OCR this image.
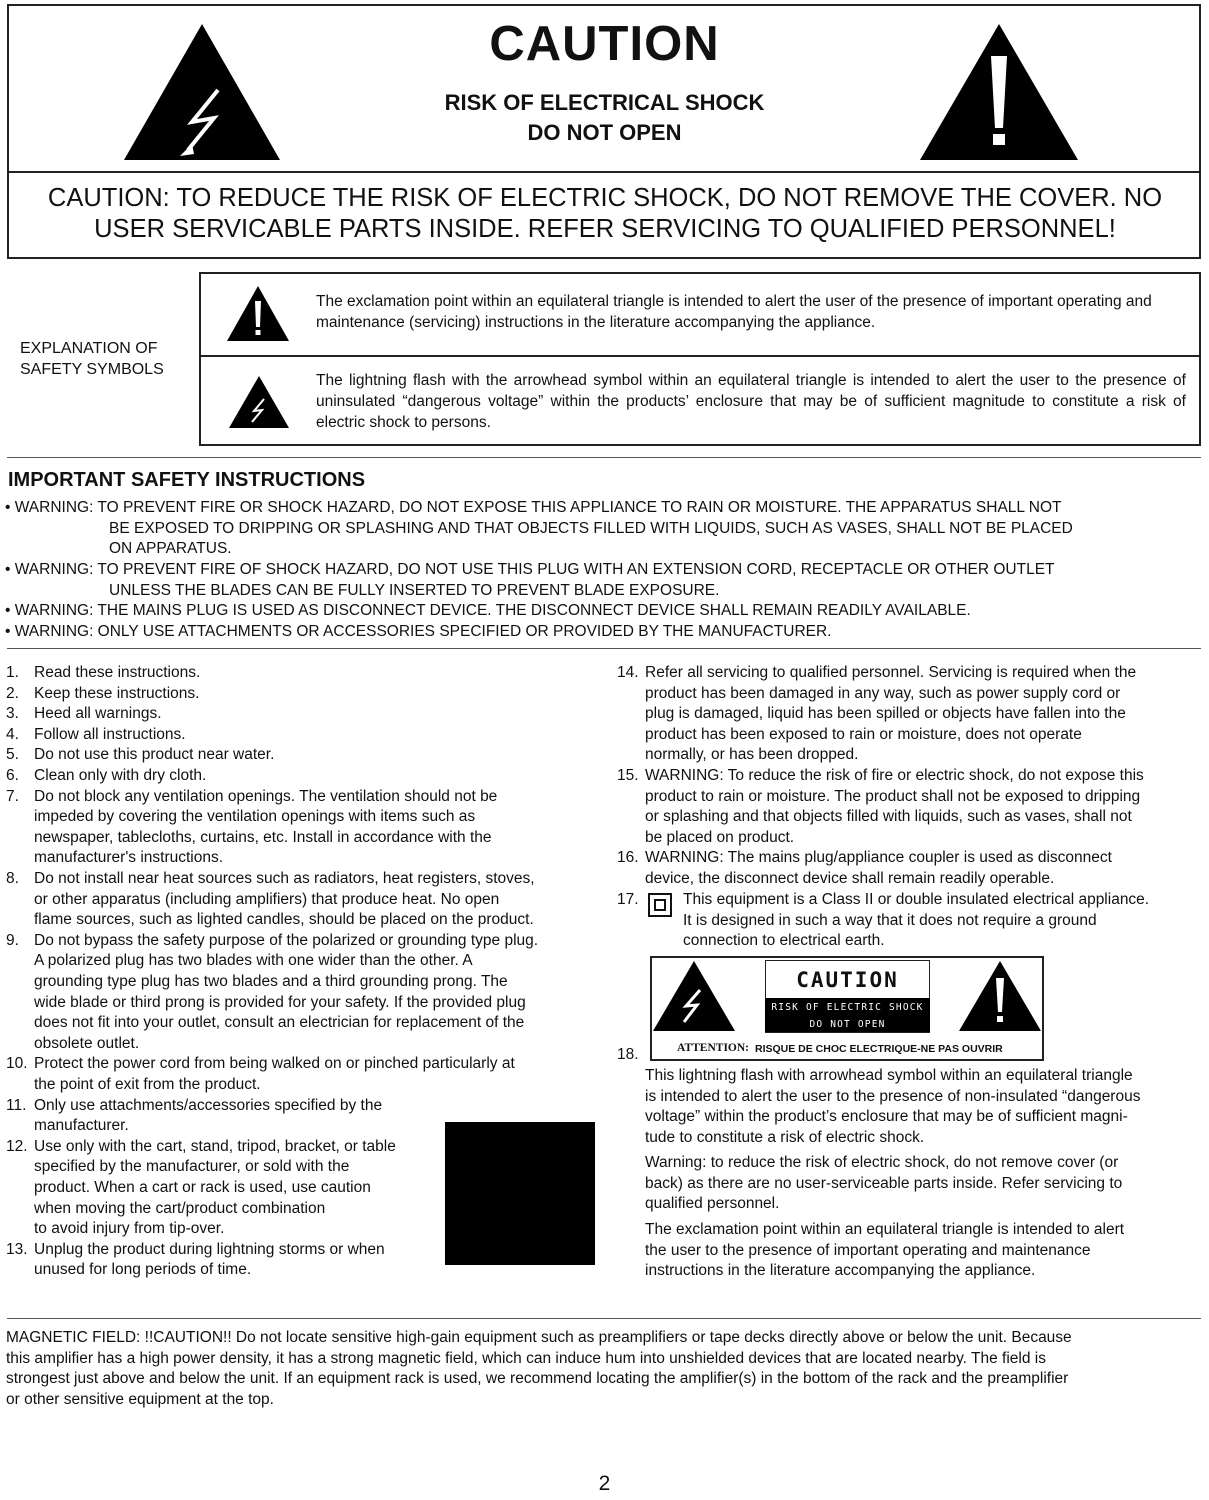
CAUTION
RISK OF ELECTRICAL SHOCK
DO NOT OPEN
CAUTION: TO REDUCE THE RISK OF ELECTRIC SHOCK, DO NOT REMOVE THE COVER. NO
USER SERVICABLE PARTS INSIDE. REFER SERVICING TO QUALIFIED PERSONNEL!
EXPLANATION OF
SAFETY SYMBOLS
The exclamation point within an equilateral triangle is intended to alert the user of the presence of important operating and maintenance (servicing) instructions in the literature accompanying the appliance.
The lightning flash with the arrowhead symbol within an equilateral triangle is intended to alert the user to the presence of uninsulated “dangerous voltage” within the products’ enclosure that may be of sufficient magnitude to constitute a risk of electric shock to persons.
IMPORTANT SAFETY INSTRUCTIONS
• WARNING: TO PREVENT FIRE OR SHOCK HAZARD, DO NOT EXPOSE THIS APPLIANCE TO RAIN OR MOISTURE. THE APPARATUS SHALL NOT
BE EXPOSED TO DRIPPING OR SPLASHING AND THAT OBJECTS FILLED WITH LIQUIDS, SUCH AS VASES, SHALL NOT BE PLACED
ON APPARATUS.
• WARNING: TO PREVENT FIRE OF SHOCK HAZARD, DO NOT USE THIS PLUG WITH AN EXTENSION CORD, RECEPTACLE OR OTHER OUTLET
UNLESS THE BLADES CAN BE FULLY INSERTED TO PREVENT BLADE EXPOSURE.
• WARNING: THE MAINS PLUG IS USED AS DISCONNECT DEVICE. THE DISCONNECT DEVICE SHALL REMAIN READILY AVAILABLE.
• WARNING: ONLY USE ATTACHMENTS OR ACCESSORIES SPECIFIED OR PROVIDED BY THE MANUFACTURER.
1. Read these instructions.
2. Keep these instructions.
3. Heed all warnings.
4. Follow all instructions.
5. Do not use this product near water.
6. Clean only with dry cloth.
7. Do not block any ventilation openings. The ventilation should not be
impeded by covering the ventilation openings with items such as
newspaper, tablecloths, curtains, etc. Install in accordance with the
manufacturer's instructions.
8. Do not install near heat sources such as radiators, heat registers, stoves,
or other apparatus (including amplifiers) that produce heat. No open
flame sources, such as lighted candles, should be placed on the product.
9. Do not bypass the safety purpose of the polarized or grounding type plug.
A polarized plug has two blades with one wider than the other. A
grounding type plug has two blades and a third grounding prong. The
wide blade or third prong is provided for your safety. If the provided plug
does not fit into your outlet, consult an electrician for replacement of the
obsolete outlet.
10. Protect the power cord from being walked on or pinched particularly at
the point of exit from the product.
11. Only use attachments/accessories specified by the
manufacturer.
12. Use only with the cart, stand, tripod, bracket, or table
specified by the manufacturer, or sold with the
product. When a cart or rack is used, use caution
when moving the cart/product combination
to avoid injury from tip-over.
13. Unplug the product during lightning storms or when
unused for long periods of time.
14. Refer all servicing to qualified personnel. Servicing is required when the
product has been damaged in any way, such as power supply cord or
plug is damaged, liquid has been spilled or objects have fallen into the
product has been exposed to rain or moisture, does not operate
normally, or has been dropped.
15. WARNING: To reduce the risk of fire or electric shock, do not expose this
product to rain or moisture. The product shall not be exposed to dripping
or splashing and that objects filled with liquids, such as vases, shall not
be placed on product.
16. WARNING: The mains plug/appliance coupler is used as disconnect
device, the disconnect device shall remain readily operable.
17.	This equipment is a Class II or double insulated electrical appliance.
It is designed in such a way that it does not require a ground
connection to electrical earth.
18.
CAUTION
RISK OF ELECTRIC SHOCK
DO NOT OPEN
ATTENTION: RISQUE DE CHOC ELECTRIQUE-NE PAS OUVRIR
This lightning flash with arrowhead symbol within an equilateral triangle
is intended to alert the user to the presence of non-insulated “dangerous
voltage” within the product’s enclosure that may be of sufficient magni-
tude to constitute a risk of electric shock.
Warning: to reduce the risk of electric shock, do not remove cover (or
back) as there are no user-serviceable parts inside. Refer servicing to
qualified personnel.
The exclamation point within an equilateral triangle is intended to alert
the user to the presence of important operating and maintenance
instructions in the literature accompanying the appliance.
MAGNETIC FIELD: !!CAUTION!! Do not locate sensitive high-gain equipment such as preamplifiers or tape decks directly above or below the unit. Because
this amplifier has a high power density, it has a strong magnetic field, which can induce hum into unshielded devices that are located nearby. The field is
strongest just above and below the unit. If an equipment rack is used, we recommend locating the amplifier(s) in the bottom of the rack and the preamplifier
or other sensitive equipment at the top.
2
